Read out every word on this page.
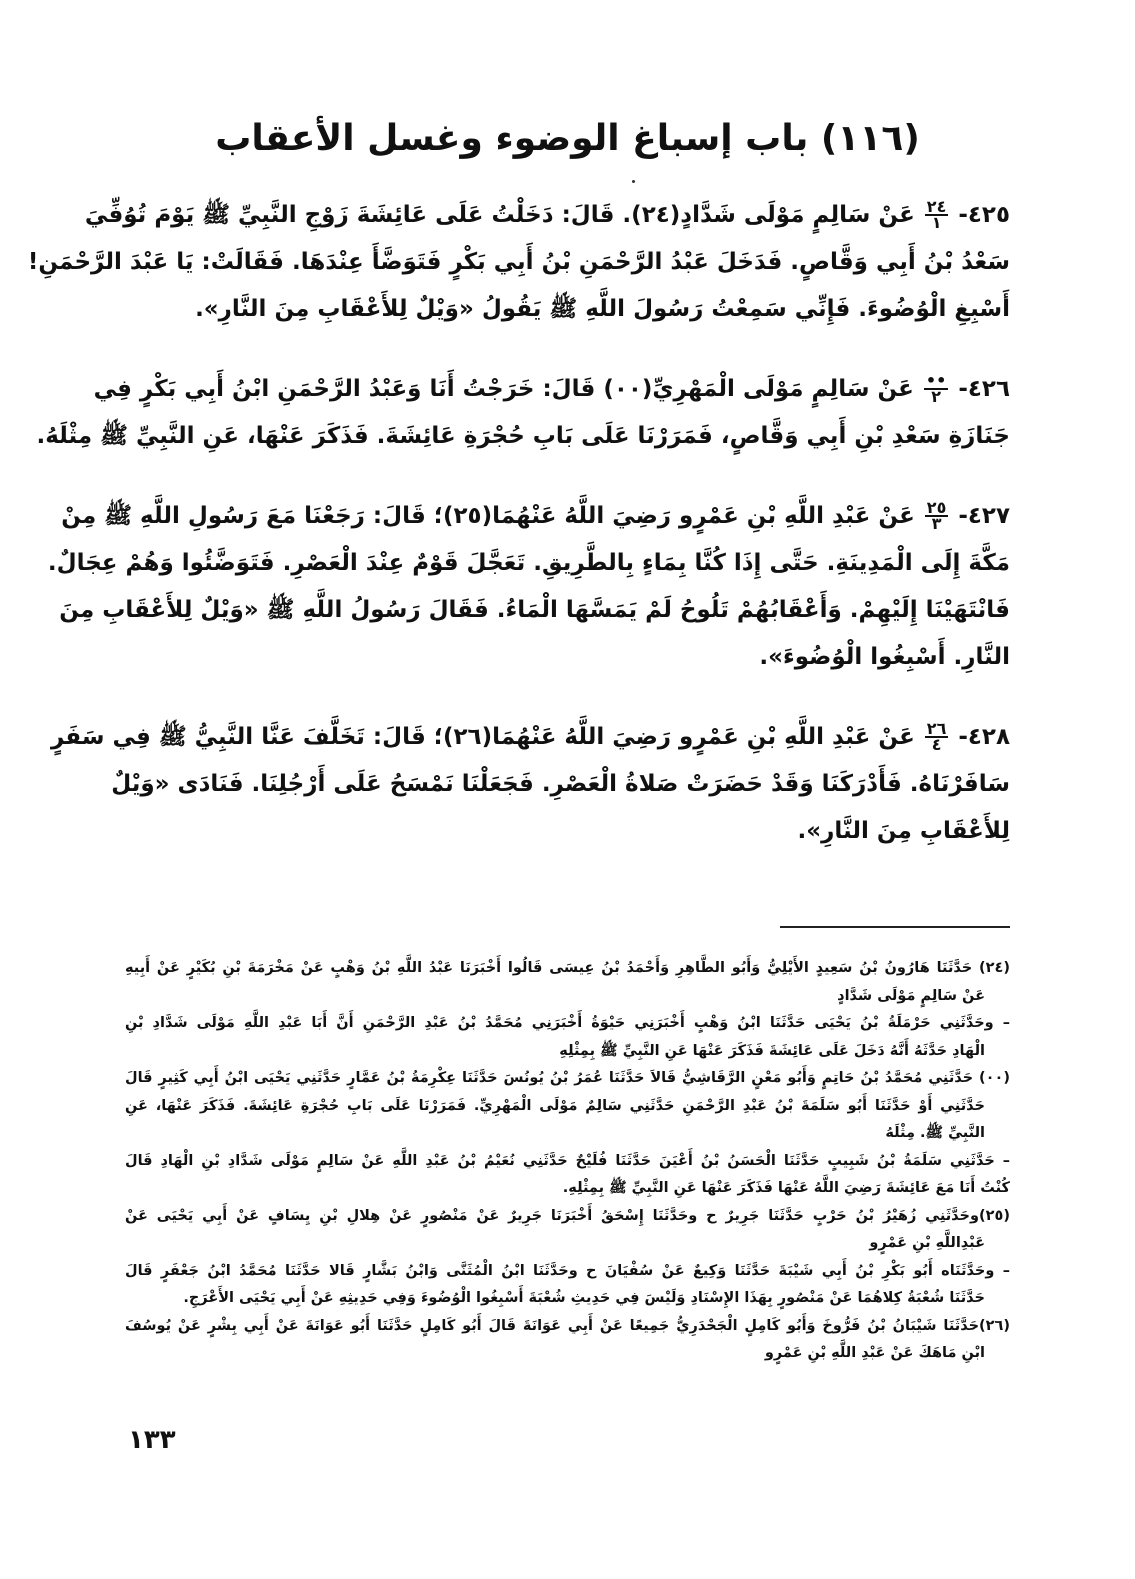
(١١٦) باب إسباغ الوضوء وغسل الأعقاب
٤٢٥-
$\frac{٢٤}{١}$
عَنْ سَالِمٍ مَوْلَى شَدَّادٍ(٢٤). قَالَ: دَخَلْتُ عَلَى عَائِشَةَ زَوْجِ النَّبِيِّ ﷺ يَوْمَ تُوُفِّيَ
سَعْدُ بْنُ أَبِي وَقَّاصٍ. فَدَخَلَ عَبْدُ الرَّحْمَنِ بْنُ أَبِي بَكْرٍ فَتَوَضَّأَ عِنْدَهَا. فَقَالَتْ: يَا عَبْدَ الرَّحْمَنِ!
أَسْبِغِ الْوُضُوءَ. فَإِنِّي سَمِعْتُ رَسُولَ اللَّهِ ﷺ يَقُولُ «وَيْلٌ لِلأَعْقَابِ مِنَ النَّارِ».
٤٢٦-
$\frac{••}{٢}$
عَنْ سَالِمٍ مَوْلَى الْمَهْرِيِّ(٠٠) قَالَ: خَرَجْتُ أَنَا وَعَبْدُ الرَّحْمَنِ ابْنُ أَبِي بَكْرٍ فِي
جَنَازَةِ سَعْدِ بْنِ أَبِي وَقَّاصٍ، فَمَرَرْنَا عَلَى بَابِ حُجْرَةِ عَائِشَةَ. فَذَكَرَ عَنْهَا، عَنِ النَّبِيِّ ﷺ مِثْلَهُ.
٤٢٧-
$\frac{٢٥}{٣}$
عَنْ عَبْدِ اللَّهِ بْنِ عَمْرٍو رَضِيَ اللَّهُ عَنْهُمَا(٢٥)؛ قَالَ: رَجَعْنَا مَعَ رَسُولِ اللَّهِ ﷺ مِنْ
مَكَّةَ إِلَى الْمَدِينَةِ. حَتَّى إِذَا كُنَّا بِمَاءٍ بِالطَّرِيقِ. تَعَجَّلَ قَوْمٌ عِنْدَ الْعَصْرِ. فَتَوَضَّئُوا وَهُمْ عِجَالٌ.
فَانْتَهَيْنَا إِلَيْهِمْ. وَأَعْقَابُهُمْ تَلُوحُ لَمْ يَمَسَّهَا الْمَاءُ. فَقَالَ رَسُولُ اللَّهِ ﷺ «وَيْلٌ لِلأَعْقَابِ مِنَ
النَّارِ. أَسْبِغُوا الْوُضُوءَ».
٤٢٨-
$\frac{٢٦}{٤}$
عَنْ عَبْدِ اللَّهِ بْنِ عَمْرٍو رَضِيَ اللَّهُ عَنْهُمَا(٢٦)؛ قَالَ: تَخَلَّفَ عَنَّا النَّبِيُّ ﷺ فِي سَفَرٍ
سَافَرْنَاهُ. فَأَدْرَكَنَا وَقَدْ حَضَرَتْ صَلاةُ الْعَصْرِ. فَجَعَلْنَا نَمْسَحُ عَلَى أَرْجُلِنَا. فَنَادَى «وَيْلٌ
لِلأَعْقَابِ مِنَ النَّارِ».
(٢٤) حَدَّثَنَا هَارُونُ بْنُ سَعِيدٍ الأَيْلِيُّ وَأَبُو الطَّاهِرِ وَأَحْمَدُ بْنُ عِيسَى قَالُوا أَخْبَرَنَا عَبْدُ اللَّهِ بْنُ وَهْبٍ عَنْ مَخْرَمَةَ بْنِ بُكَيْرٍ عَنْ أَبِيهِ
عَنْ سَالِمٍ مَوْلَى شَدَّادٍ
– وحَدَّثَنِي حَرْمَلَةُ بْنُ يَحْيَى حَدَّثَنَا ابْنُ وَهْبٍ أَخْبَرَنِي حَيْوَةُ أَخْبَرَنِي مُحَمَّدُ بْنُ عَبْدِ الرَّحْمَنِ أَنَّ أَبَا عَبْدِ اللَّهِ مَوْلَى شَدَّادِ بْنِ
الْهَادِ حَدَّثَهُ أَنَّهُ دَخَلَ عَلَى عَائِشَةَ فَذَكَرَ عَنْهَا عَنِ النَّبِيِّ ﷺ بِمِثْلِهِ
(٠٠) حَدَّثَنِي مُحَمَّدُ بْنُ حَاتِمٍ وَأَبُو مَعْنٍ الرَّقَاشِيُّ قَالاَ حَدَّثَنَا عُمَرُ بْنُ يُونُسَ حَدَّثَنَا عِكْرِمَةُ بْنُ عَمَّارٍ حَدَّثَنِي يَحْيَى ابْنُ أَبِي كَثِيرٍ قَالَ
حَدَّثَنِي أَوْ حَدَّثَنَا أَبُو سَلَمَةَ بْنُ عَبْدِ الرَّحْمَنِ حَدَّثَنِي سَالِمٌ مَوْلَى الْمَهْرِيِّ. فَمَرَرْنَا عَلَى بَابِ حُجْرَةِ عَائِشَةَ. فَذَكَرَ عَنْهَا، عَنِ
النَّبِيِّ ﷺ. مِثْلَهُ
– حَدَّثَنِي سَلَمَةُ بْنُ شَبِيبٍ حَدَّثَنَا الْحَسَنُ بْنُ أَعْيَنَ حَدَّثَنَا فُلَيْحٌ حَدَّثَنِي نُعَيْمُ بْنُ عَبْدِ اللَّهِ عَنْ سَالِمٍ مَوْلَى شَدَّادِ بْنِ الْهَادِ قَالَ
كُنْتُ أَنَا مَعَ عَائِشَةَ رَضِيَ اللَّهُ عَنْهَا فَذَكَرَ عَنْهَا عَنِ النَّبِيِّ ﷺ بِمِثْلِهِ.
(٢٥)وحَدَّثَنِي زُهَيْرُ بْنُ حَرْبٍ حَدَّثَنَا جَرِيرٌ ح وحَدَّثَنَا إِسْحَقُ أَخْبَرَنَا جَرِيرٌ عَنْ مَنْصُورٍ عَنْ هِلالِ بْنِ يِسَافٍ عَنْ أَبِي يَحْيَى عَنْ
عَبْدِاللَّهِ بْنِ عَمْرٍو
– وحَدَّثَنَاه أَبُو بَكْرِ بْنُ أَبِي شَيْبَةَ حَدَّثَنَا وَكِيعٌ عَنْ سُفْيَانَ ح وحَدَّثَنَا ابْنُ الْمُثَنَّى وَابْنُ بَشَّارٍ قَالا حَدَّثَنَا مُحَمَّدُ ابْنُ جَعْفَرٍ قَالَ
حَدَّثَنَا شُعْبَةُ كِلاهُمَا عَنْ مَنْصُورٍ بِهَذَا الإِسْنَادِ وَلَيْسَ فِي حَدِيثِ شُعْبَةَ أَسْبِغُوا الْوُضُوءَ وَفِي حَدِيثِهِ عَنْ أَبِي يَحْيَى الأَعْرَجِ.
(٢٦)حَدَّثَنَا شَيْبَانُ بْنُ فَرُّوخَ وَأَبُو كَامِلٍ الْجَحْدَرِيُّ جَمِيعًا عَنْ أَبِي عَوَانَةَ قَالَ أَبُو كَامِلٍ حَدَّثَنَا أَبُو عَوَانَةَ عَنْ أَبِي بِشْرٍ عَنْ يُوسُفَ
ابْنِ مَاهَكَ عَنْ عَبْدِ اللَّهِ بْنِ عَمْرٍو
١٣٣
